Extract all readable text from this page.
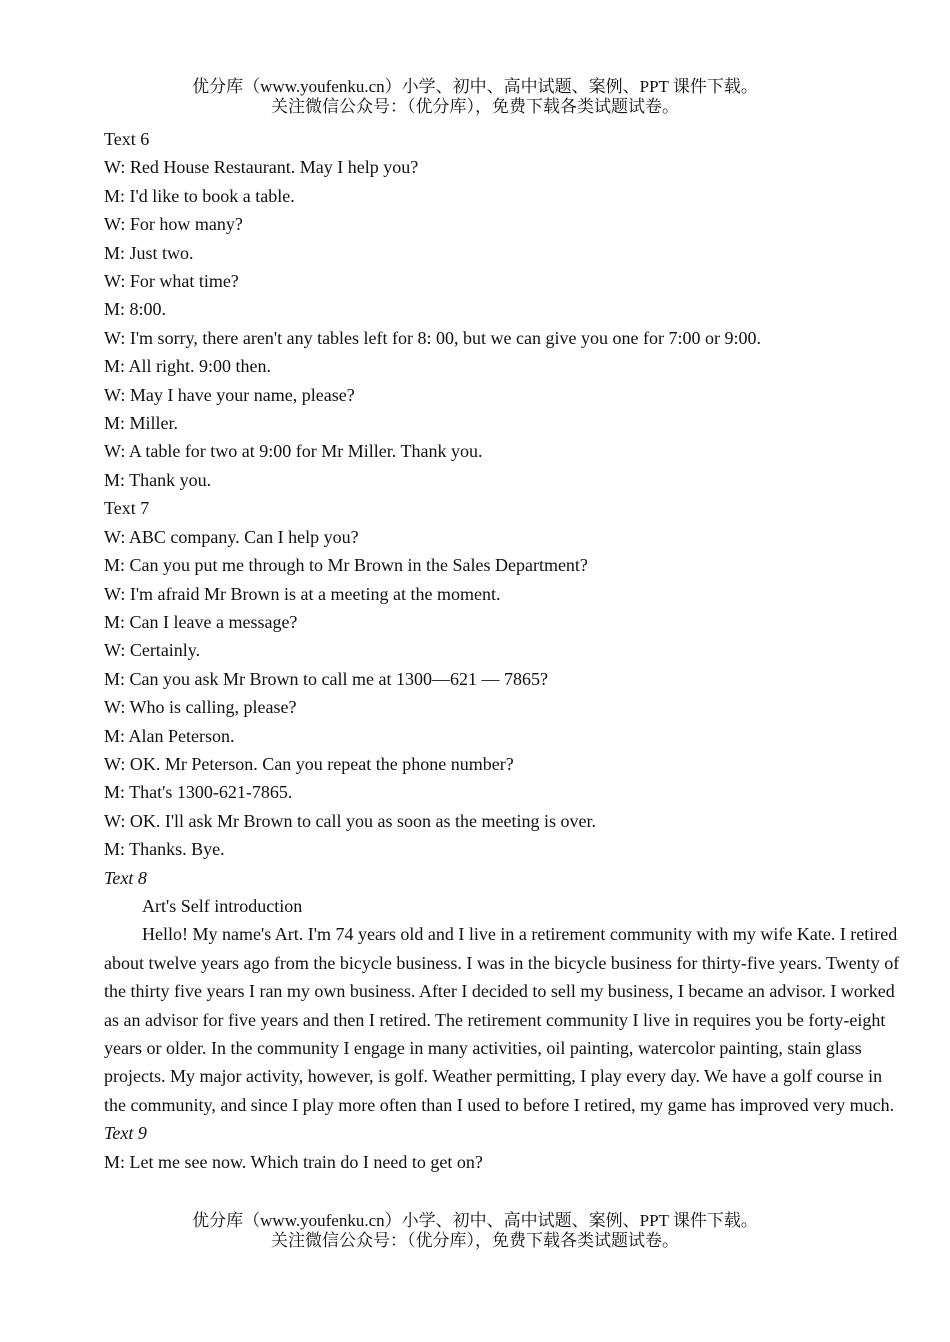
优分库（www.youfenku.cn）小学、初中、高中试题、案例、PPT 课件下载。
关注微信公众号：（优分库），免费下载各类试题试卷。
Text 6
W: Red House Restaurant. May I help you?
M: I'd like to book a table.
W: For how many?
M: Just two.
W: For what time?
M: 8:00.
W: I'm sorry, there aren't any tables left for 8: 00, but we can give you one for 7:00 or 9:00.
M: All right. 9:00 then.
W: May I have your name, please?
M: Miller.
W: A table for two at 9:00 for Mr Miller. Thank you.
M: Thank you.
Text 7
W: ABC company. Can I help you?
M: Can you put me through to Mr Brown in the Sales Department?
W: I'm afraid Mr Brown is at a meeting at the moment.
M: Can I leave a message?
W: Certainly.
M: Can you ask Mr Brown to call me at 1300—621 — 7865?
W: Who is calling, please?
M: Alan Peterson.
W: OK. Mr Peterson. Can you repeat the phone number?
M: That's 1300-621-7865.
W: OK. I'll ask Mr Brown to call you as soon as the meeting is over.
M: Thanks. Bye.
Text 8
Art's Self introduction
Hello! My name's Art. I'm 74 years old and I live in a retirement community with my wife Kate. I retired about twelve years ago from the bicycle business. I was in the bicycle business for thirty-five years. Twenty of the thirty five years I ran my own business. After I decided to sell my business, I became an advisor. I worked as an advisor for five years and then I retired. The retirement community I live in requires you be forty-eight years or older. In the community I engage in many activities, oil painting, watercolor painting, stain glass projects. My major activity, however, is golf. Weather permitting, I play every day. We have a golf course in the community, and since I play more often than I used to before I retired, my game has improved very much.
Text 9
M: Let me see now. Which train do I need to get on?
优分库（www.youfenku.cn）小学、初中、高中试题、案例、PPT 课件下载。
关注微信公众号：（优分库），免费下载各类试题试卷。
